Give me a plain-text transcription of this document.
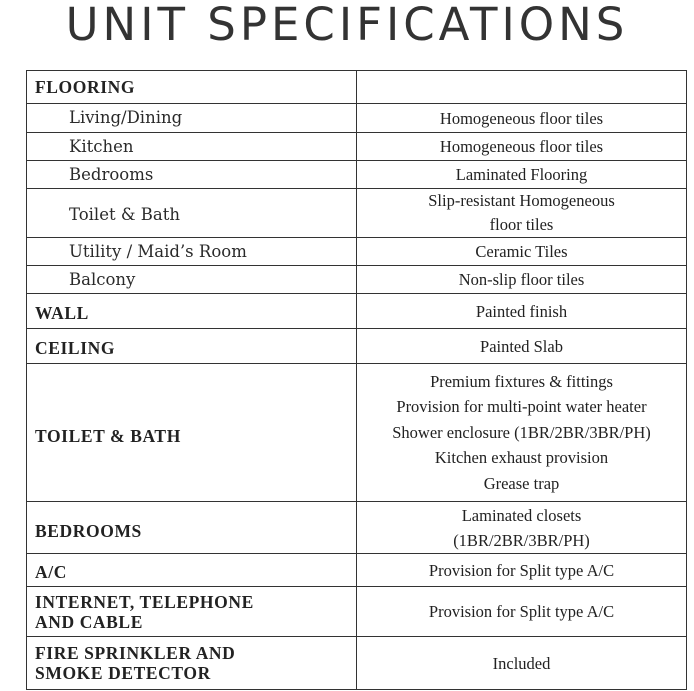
UNIT SPECIFICATIONS
FLOORING	

Living/Dining	Homogeneous floor tiles

Kitchen	Homogeneous floor tiles

Bedrooms	Laminated Flooring

Toilet & Bath	Slip-resistant Homogeneous
floor tiles

Utility / Maid’s Room	Ceramic Tiles

Balcony	Non-slip floor tiles

WALL	Painted finish

CEILING	Painted Slab

TOILET & BATH	Premium fixtures & fittings
Provision for multi-point water heater
Shower enclosure (1BR/2BR/3BR/PH)
Kitchen exhaust provision
Grease trap

BEDROOMS	Laminated closets
(1BR/2BR/3BR/PH)

A/C	Provision for Split type A/C

INTERNET, TELEPHONE
AND CABLE	Provision for Split type A/C

FIRE SPRINKLER AND
SMOKE DETECTOR	Included
